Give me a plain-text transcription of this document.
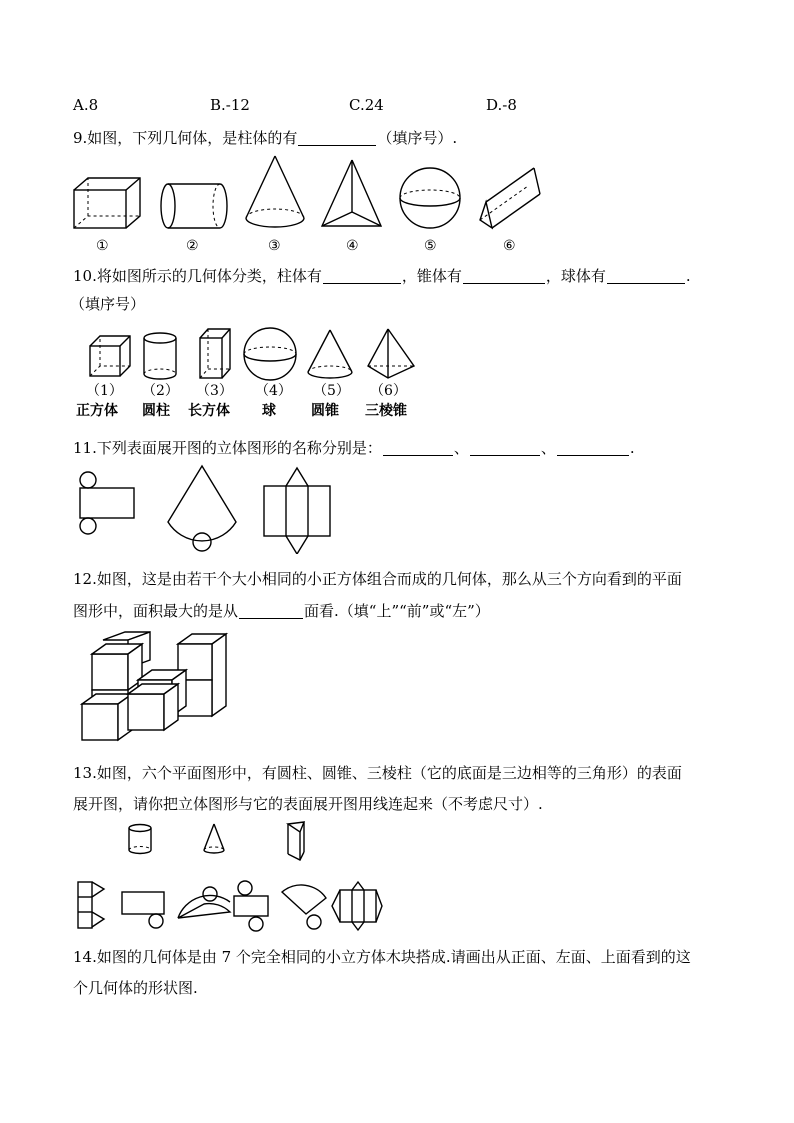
A.8	B.-12	C.24	D.-8
9.如图，下列几何体，是柱体的有	（填序号）.
①	②	③	④	⑤	⑥
10.将如图所示的几何体分类，柱体有	，锥体有	，球体有	.
（填序号）
（1） （2） （3） （4） （5） （6）
正方体 圆柱 长方体 球	圆锥 三棱锥
11.下列表面展开图的立体图形的名称分别是：	、	、	.
12.如图，这是由若干个大小相同的小正方体组合而成的几何体，那么从三个方向看到的平面
图形中，面积最大的是从	面看.（填“上”“前”或“左”）
13.如图，六个平面图形中，有圆柱、圆锥、三棱柱（它的底面是三边相等的三角形）的表面
展开图，请你把立体图形与它的表面展开图用线连起来（不考虑尺寸）.
14.如图的几何体是由 7 个完全相同的小立方体木块搭成.请画出从正面、左面、上面看到的这
个几何体的形状图.
